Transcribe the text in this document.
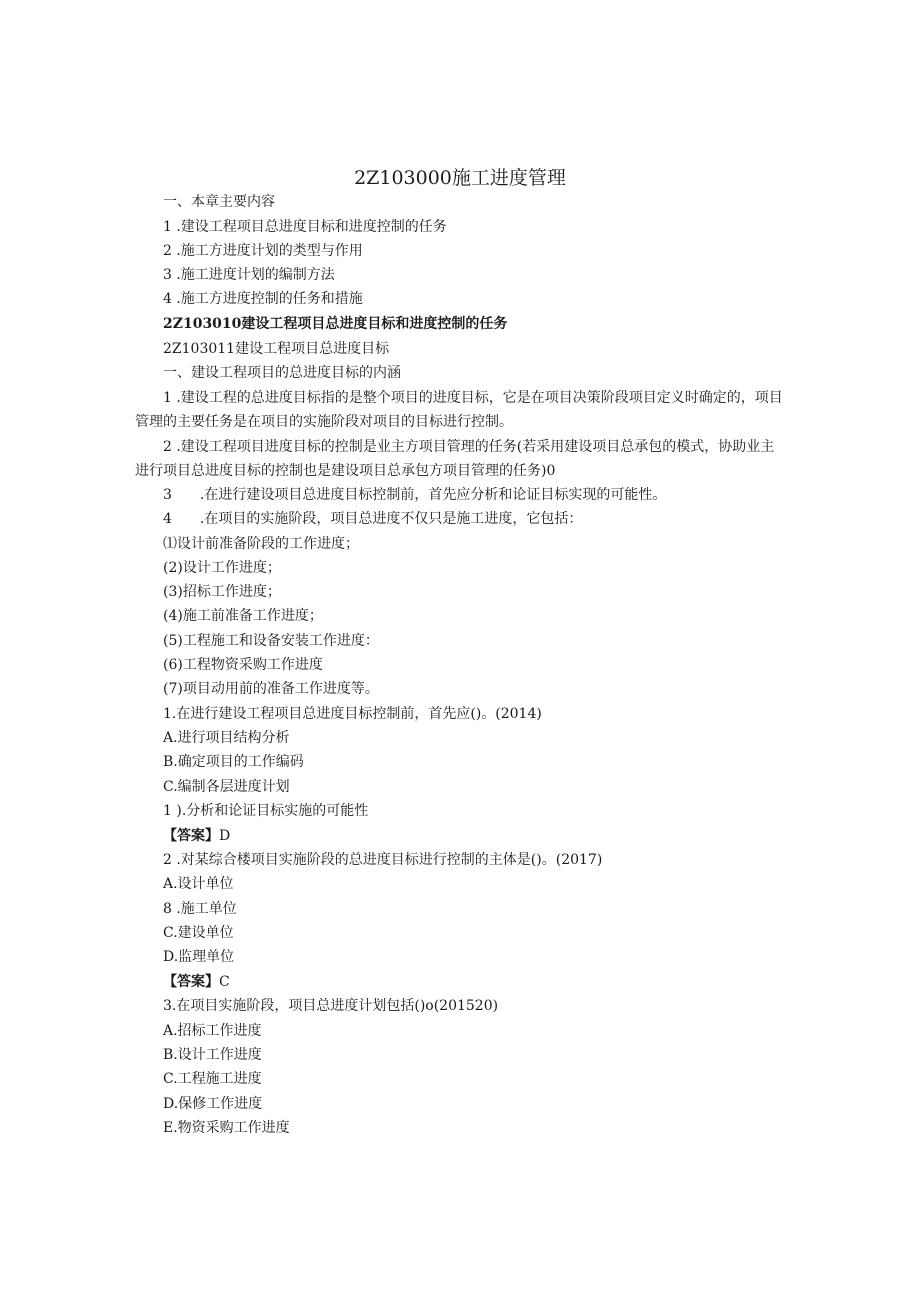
2Z103000施工进度管理
一、本章主要内容
1 .建设工程项目总进度目标和进度控制的任务
2 .施工方进度计划的类型与作用
3 .施工进度计划的编制方法
4 .施工方进度控制的任务和措施
2Z103010建设工程项目总进度目标和进度控制的任务
2Z103011建设工程项目总进度目标
一、建设工程项目的总进度目标的内涵
1 .建设工程的总进度目标指的是整个项目的进度目标，它是在项目决策阶段项目定义时确定的，项目管理的主要任务是在项目的实施阶段对项目的目标进行控制。
2 .建设工程项目进度目标的控制是业主方项目管理的任务(若采用建设项目总承包的模式，协助业主进行项目总进度目标的控制也是建设项目总承包方项目管理的任务)0
3　　.在进行建设项目总进度目标控制前，首先应分析和论证目标实现的可能性。
4　　.在项目的实施阶段，项目总进度不仅只是施工进度，它包括：
⑴设计前准备阶段的工作进度；
(2)设计工作进度；
(3)招标工作进度；
(4)施工前准备工作进度；
(5)工程施工和设备安装工作进度：
(6)工程物资采购工作进度
(7)项目动用前的准备工作进度等。
1.在进行建设工程项目总进度目标控制前，首先应()。(2014)
A.进行项目结构分析
B.确定项目的工作编码
C.编制各层进度计划
1 ).分析和论证目标实施的可能性
【答案】D
2 .对某综合楼项目实施阶段的总进度目标进行控制的主体是()。(2017)
A.设计单位
8 .施工单位
C.建设单位
D.监理单位
【答案】C
3.在项目实施阶段，项目总进度计划包括()o(201520)
A.招标工作进度
B.设计工作进度
C.工程施工进度
D.保修工作进度
E.物资采购工作进度
